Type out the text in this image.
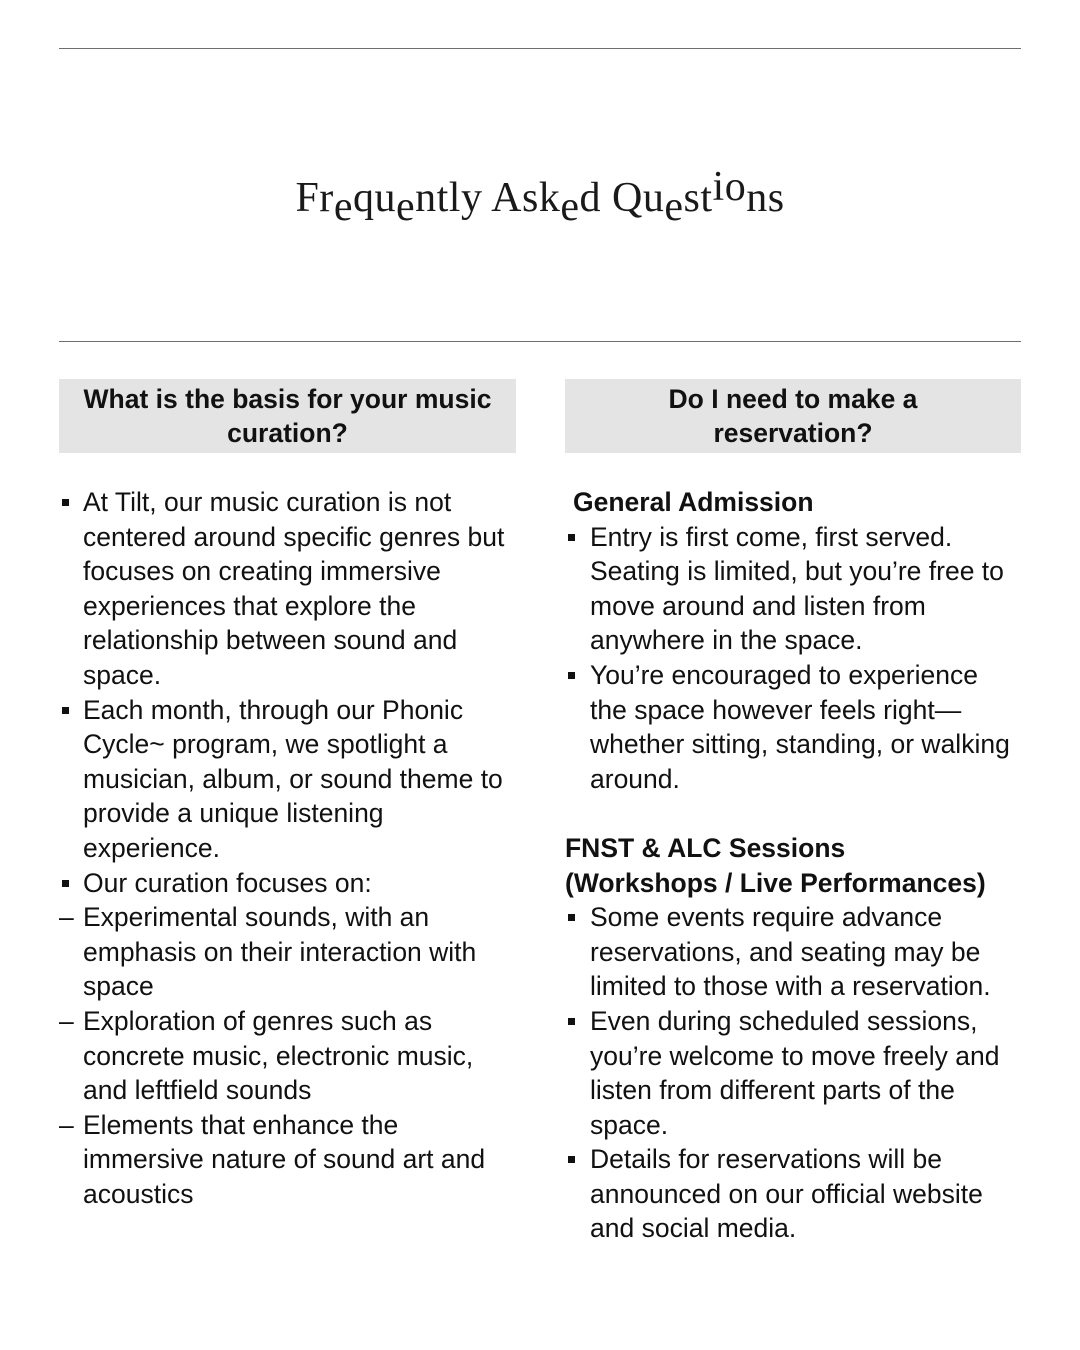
Frequently Asked Questions
What is the basis for your music
curation?
At Tilt, our music curation is not centered around specific genres but focuses on creating immersive experiences that explore the relationship between sound and space.
Each month, through our Phonic Cycle~ program, we spotlight a musician, album, or sound theme to provide a unique listening experience.
Our curation focuses on:
– Experimental sounds, with an emphasis on their interaction with space
– Exploration of genres such as concrete music, electronic music, and leftfield sounds
– Elements that enhance the immersive nature of sound art and acoustics
Do I need to make a
reservation?
General Admission
Entry is first come, first served. Seating is limited, but you’re free to move around and listen from anywhere in the space.
You’re encouraged to experience the space however feels right—whether sitting, standing, or walking around.
FNST & ALC Sessions
(Workshops / Live Performances)
Some events require advance reservations, and seating may be limited to those with a reservation.
Even during scheduled sessions, you’re welcome to move freely and listen from different parts of the space.
Details for reservations will be announced on our official website and social media.
